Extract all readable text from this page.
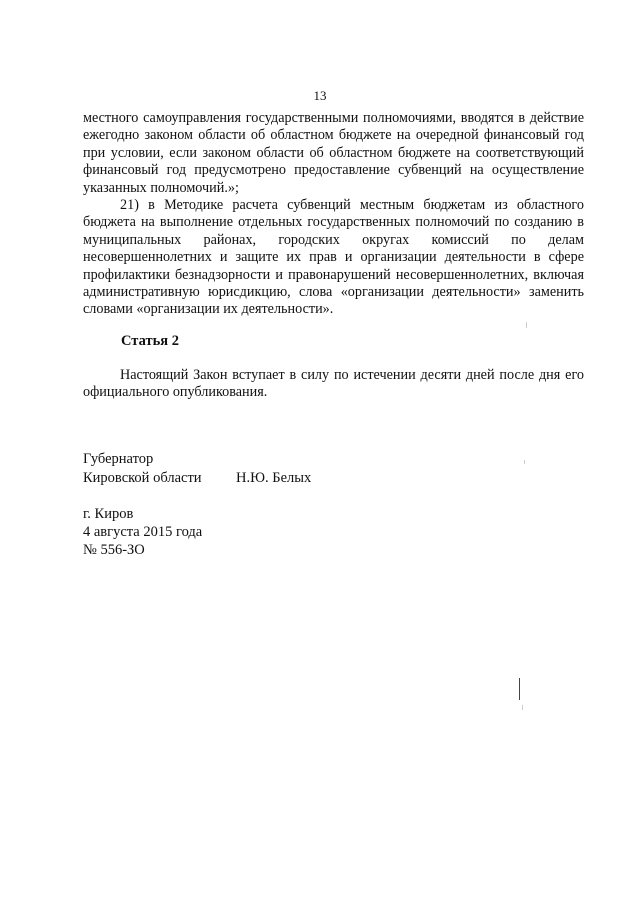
13
местного самоуправления государственными полномочиями, вводятся в действие ежегодно законом области об областном бюджете на очередной финансовый год при условии, если законом области об областном бюджете на соответствующий финансовый год предусмотрено предоставление субвенций на осуществление указанных полномочий.»;
21) в Методике расчета субвенций местным бюджетам из областного бюджета на выполнение отдельных государственных полномочий по созданию в муниципальных районах, городских округах комиссий по делам несовершеннолетних и защите их прав и организации деятельности в сфере профилактики безнадзорности и правонарушений несовершеннолетних, включая административную юрисдикцию, слова «организации деятельности» заменить словами «организации их деятельности».
Статья 2
Настоящий Закон вступает в силу по истечении десяти дней после дня его официального опубликования.
Губернатор
Кировской области Н.Ю. Белых
г. Киров
4 августа 2015 года
№ 556-ЗО
